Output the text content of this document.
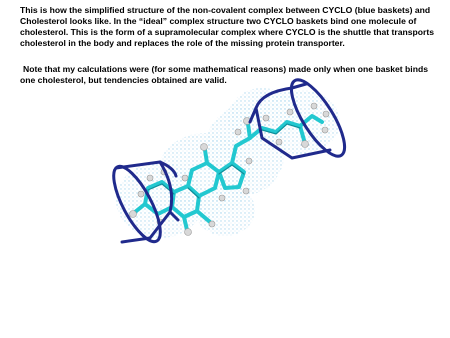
This is how the simplified structure of the non-covalent complex between CYCLO (blue baskets) and Cholesterol looks like. In the “ideal” complex structure two CYCLO baskets bind one molecule of cholesterol. This is the form of a supramolecular complex where CYCLO is the shuttle that transports cholesterol in the body and replaces the role of the missing protein transporter.

Note that my calculations were (for some mathematical reasons) made only when one basket binds one cholesterol, but tendencies obtained are valid.
